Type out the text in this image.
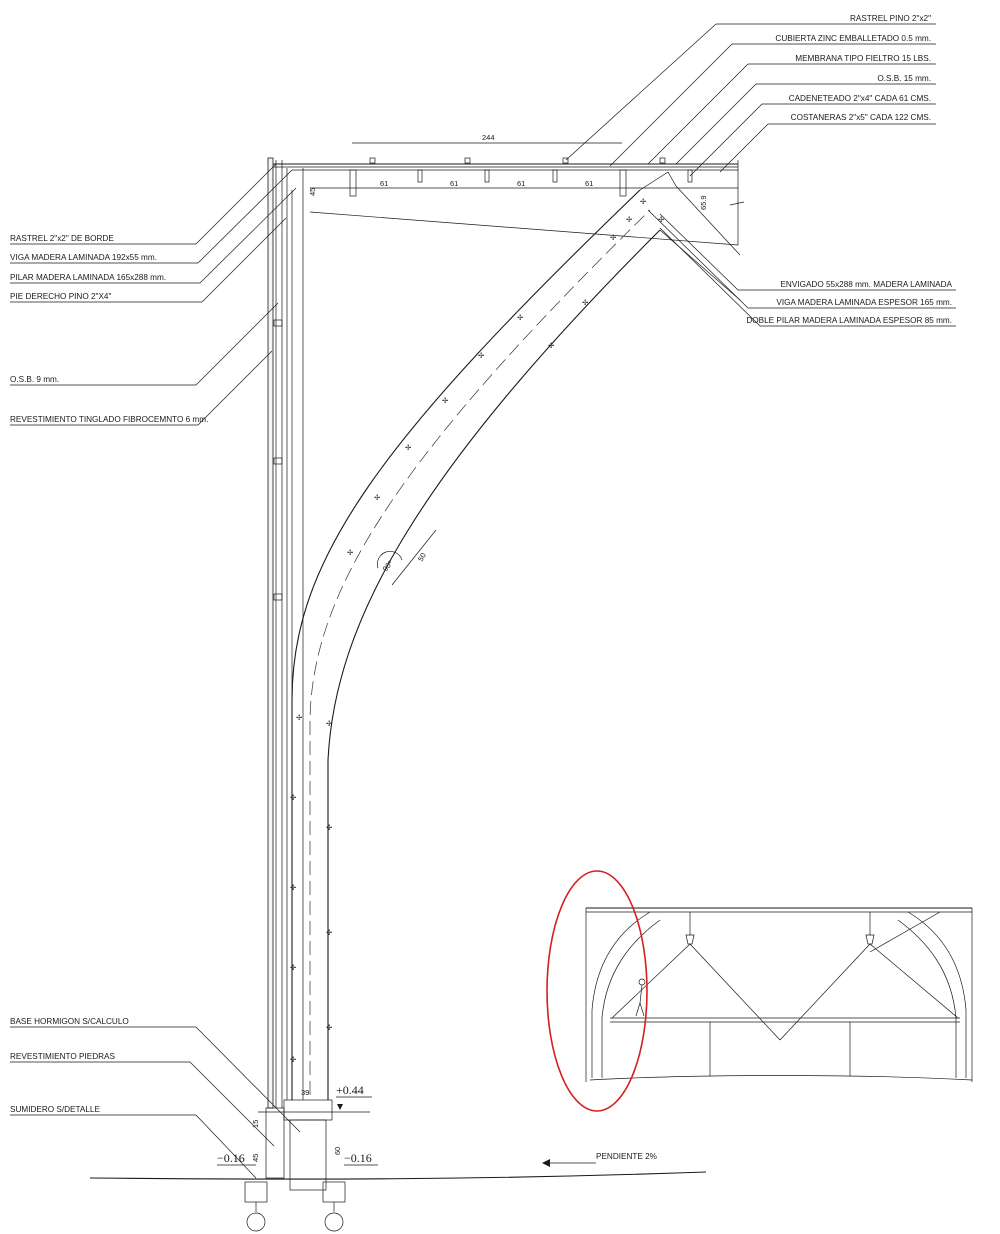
244
61	61	61	61
65.9
45
✢
✢
✢
✢
✢
✢
✢
✢
✢
✢
✢
✢
✢
✢
✢
✢
✢
✢
✢
✢	✢
90º
50
39
15
45
60
+0.44
−0.16	−0.16	PENDIENTE 2%
RASTREL PINO 2"x2"
CUBIERTA ZINC EMBALLETADO 0.5 mm.
MEMBRANA TIPO FIELTRO 15 LBS.
O.S.B. 15 mm.
CADENETEADO 2"x4" CADA 61 CMS.
COSTANERAS 2"x5" CADA 122 CMS.
ENVIGADO 55x288 mm. MADERA LAMINADA
VIGA MADERA LAMINADA ESPESOR 165 mm.
DOBLE PILAR MADERA LAMINADA ESPESOR 85 mm.
RASTREL 2"x2" DE BORDE
VIGA MADERA LAMINADA 192x55 mm.
PILAR MADERA LAMINADA 165x288 mm.
PIE DERECHO PINO 2"X4"
O.S.B. 9 mm.
REVESTIMIENTO TINGLADO FIBROCEMNTO 6 mm.
BASE HORMIGON S/CALCULO
REVESTIMIENTO PIEDRAS
SUMIDERO S/DETALLE
